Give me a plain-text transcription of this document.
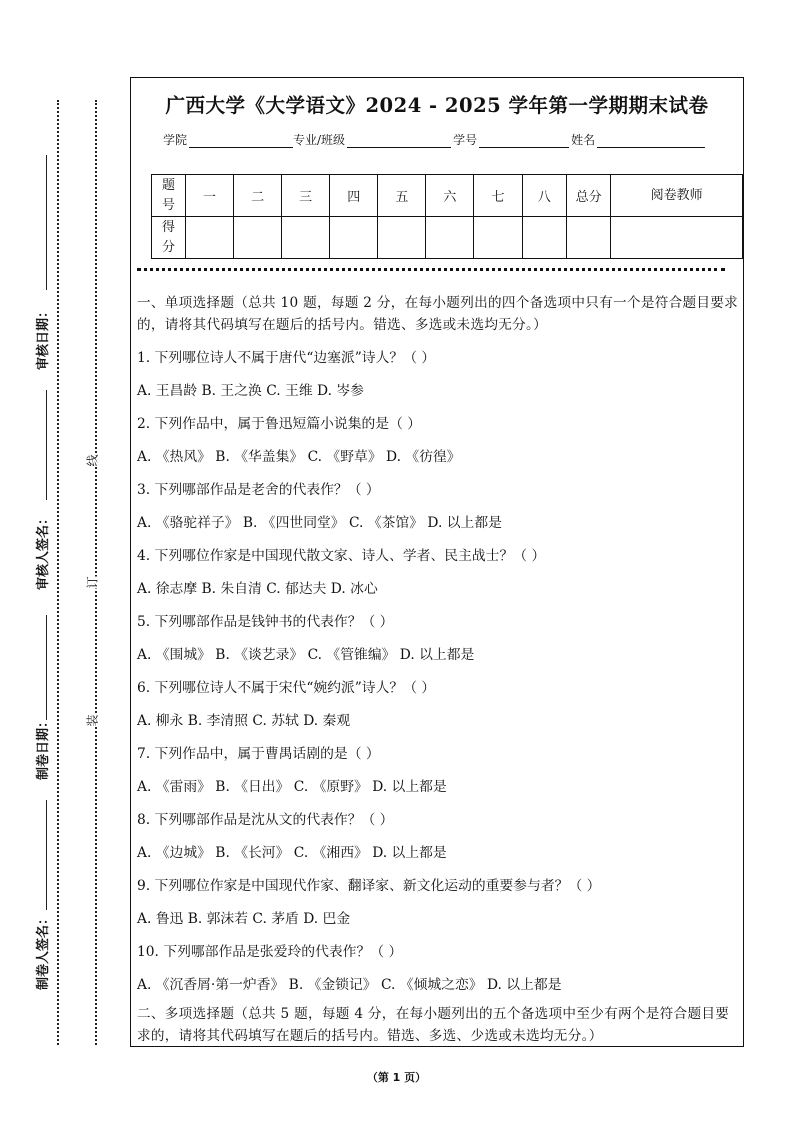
审核日期：
审核人签名：
制卷日期：
制卷人签名：
线
订
装
广西大学《大学语文》2024 - 2025 学年第一学期期末试卷
学院	专业/班级	学号	姓名
题号	一	二	三	四	五	六	七	八	总分	阅卷教师
得分										
一、单项选择题（总共 10 题，每题 2 分，在每小题列出的四个备选项中只有一个是符合题目要求的，请将其代码填写在题后的括号内。错选、多选或未选均无分。）
1. 下列哪位诗人不属于唐代“边塞派”诗人？（ ）
A. 王昌龄 B. 王之涣 C. 王维 D. 岑参
2. 下列作品中，属于鲁迅短篇小说集的是（ ）
A. 《热风》 B. 《华盖集》 C. 《野草》 D. 《彷徨》
3. 下列哪部作品是老舍的代表作？（ ）
A. 《骆驼祥子》 B. 《四世同堂》 C. 《茶馆》 D. 以上都是
4. 下列哪位作家是中国现代散文家、诗人、学者、民主战士？（ ）
A. 徐志摩 B. 朱自清 C. 郁达夫 D. 冰心
5. 下列哪部作品是钱钟书的代表作？（ ）
A. 《围城》 B. 《谈艺录》 C. 《管锥编》 D. 以上都是
6. 下列哪位诗人不属于宋代“婉约派”诗人？（ ）
A. 柳永 B. 李清照 C. 苏轼 D. 秦观
7. 下列作品中，属于曹禺话剧的是（ ）
A. 《雷雨》 B. 《日出》 C. 《原野》 D. 以上都是
8. 下列哪部作品是沈从文的代表作？（ ）
A. 《边城》 B. 《长河》 C. 《湘西》 D. 以上都是
9. 下列哪位作家是中国现代作家、翻译家、新文化运动的重要参与者？（ ）
A. 鲁迅 B. 郭沫若 C. 茅盾 D. 巴金
10. 下列哪部作品是张爱玲的代表作？（ ）
A. 《沉香屑·第一炉香》 B. 《金锁记》 C. 《倾城之恋》 D. 以上都是
二、多项选择题（总共 5 题，每题 4 分，在每小题列出的五个备选项中至少有两个是符合题目要求的，请将其代码填写在题后的括号内。错选、多选、少选或未选均无分。）
（第 1 页）
